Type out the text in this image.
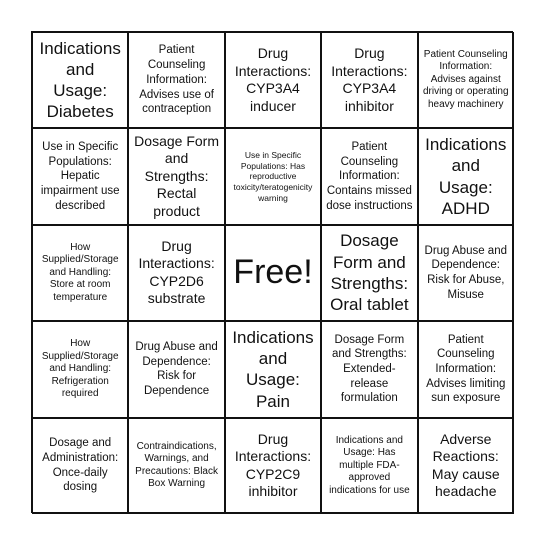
Indications and Usage: Diabetes
Patient Counseling Information: Advises use of contraception
Drug Interactions: CYP3A4 inducer
Drug Interactions: CYP3A4 inhibitor
Patient Counseling Information: Advises against driving or operating heavy machinery
Use in Specific Populations: Hepatic impairment use described
Dosage Form and Strengths: Rectal product
Use in Specific Populations: Has reproductive toxicity/teratogenicity warning
Patient Counseling Information: Contains missed dose instructions
Indications and Usage: ADHD
How Supplied/Storage and Handling: Store at room temperature
Drug Interactions: CYP2D6 substrate
Free!
Dosage Form and Strengths: Oral tablet
Drug Abuse and Dependence: Risk for Abuse, Misuse
How Supplied/Storage and Handling: Refrigeration required
Drug Abuse and Dependence: Risk for Dependence
Indications and Usage: Pain
Dosage Form and Strengths: Extended-release formulation
Patient Counseling Information: Advises limiting sun exposure
Dosage and Administration: Once-daily dosing
Contraindications, Warnings, and Precautions: Black Box Warning
Drug Interactions: CYP2C9 inhibitor
Indications and Usage: Has multiple FDA-approved indications for use
Adverse Reactions: May cause headache
